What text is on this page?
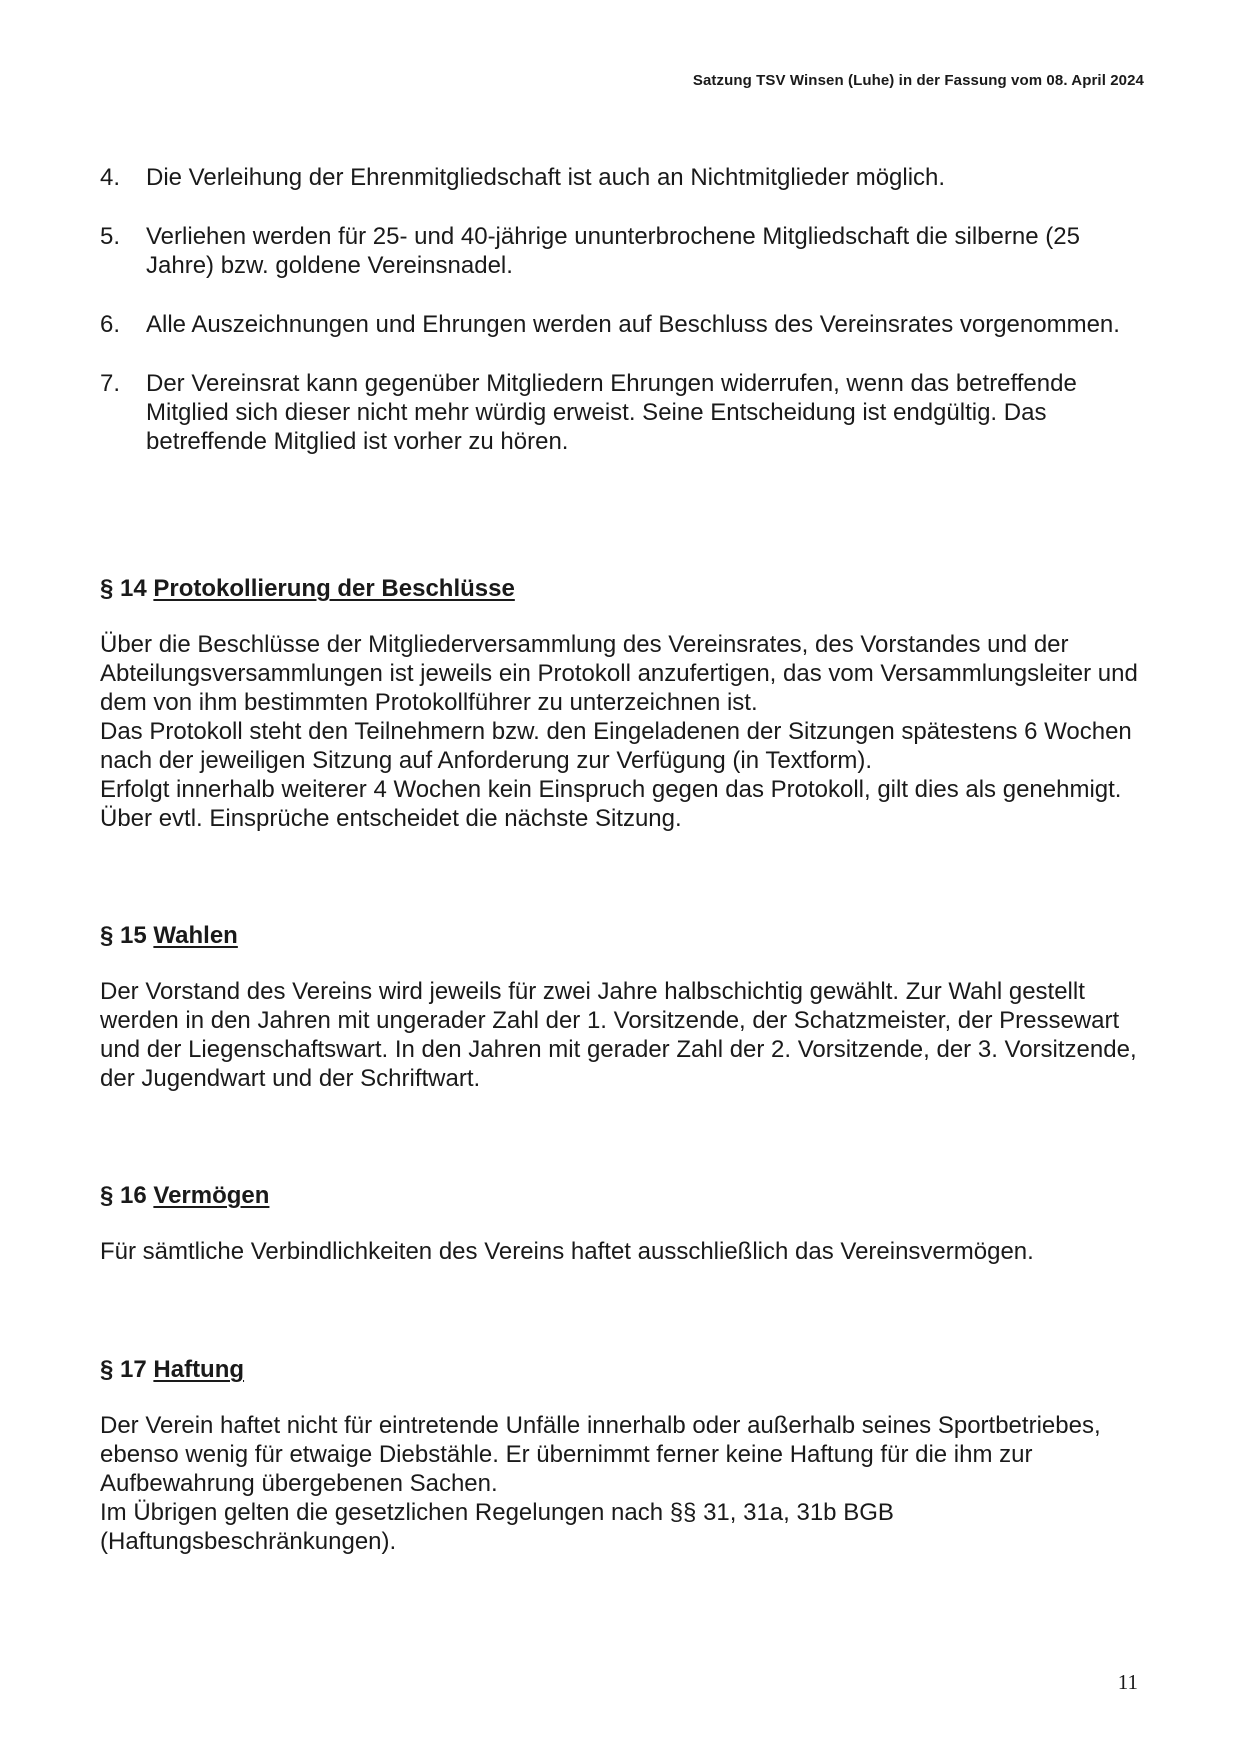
Satzung TSV Winsen (Luhe) in der Fassung vom 08. April 2024
4.	Die Verleihung der Ehrenmitgliedschaft ist auch an Nichtmitglieder möglich.
5.	Verliehen werden für 25- und 40-jährige ununterbrochene Mitgliedschaft die silberne (25 Jahre) bzw. goldene Vereinsnadel.
6.	Alle Auszeichnungen und Ehrungen werden auf Beschluss des Vereinsrates vorgenommen.
7.	Der Vereinsrat kann gegenüber Mitgliedern Ehrungen widerrufen, wenn das betreffende Mitglied sich dieser nicht mehr würdig erweist. Seine Entscheidung ist endgültig. Das betreffende Mitglied ist vorher zu hören.
§ 14 Protokollierung der Beschlüsse

Über die Beschlüsse der Mitgliederversammlung des Vereinsrates, des Vorstandes und der Abteilungsversammlungen ist jeweils ein Protokoll anzufertigen, das vom Versammlungsleiter und dem von ihm bestimmten Protokollführer zu unterzeichnen ist.

Das Protokoll steht den Teilnehmern bzw. den Eingeladenen der Sitzungen spätestens 6 Wochen nach der jeweiligen Sitzung auf Anforderung zur Verfügung (in Textform).

Erfolgt innerhalb weiterer 4 Wochen kein Einspruch gegen das Protokoll, gilt dies als genehmigt. Über evtl. Einsprüche entscheidet die nächste Sitzung.

§ 15 Wahlen

Der Vorstand des Vereins wird jeweils für zwei Jahre halbschichtig gewählt. Zur Wahl gestellt werden in den Jahren mit ungerader Zahl der 1. Vorsitzende, der Schatzmeister, der Pressewart und der Liegenschaftswart. In den Jahren mit gerader Zahl der 2. Vorsitzende, der 3. Vorsitzende, der Jugendwart und der Schriftwart.

§ 16 Vermögen

Für sämtliche Verbindlichkeiten des Vereins haftet ausschließlich das Vereinsvermögen.

§ 17 Haftung

Der Verein haftet nicht für eintretende Unfälle innerhalb oder außerhalb seines Sportbetriebes, ebenso wenig für etwaige Diebstähle. Er übernimmt ferner keine Haftung für die ihm zur Aufbewahrung übergebenen Sachen.

Im Übrigen gelten die gesetzlichen Regelungen nach §§ 31, 31a, 31b BGB (Haftungsbeschränkungen).

11
